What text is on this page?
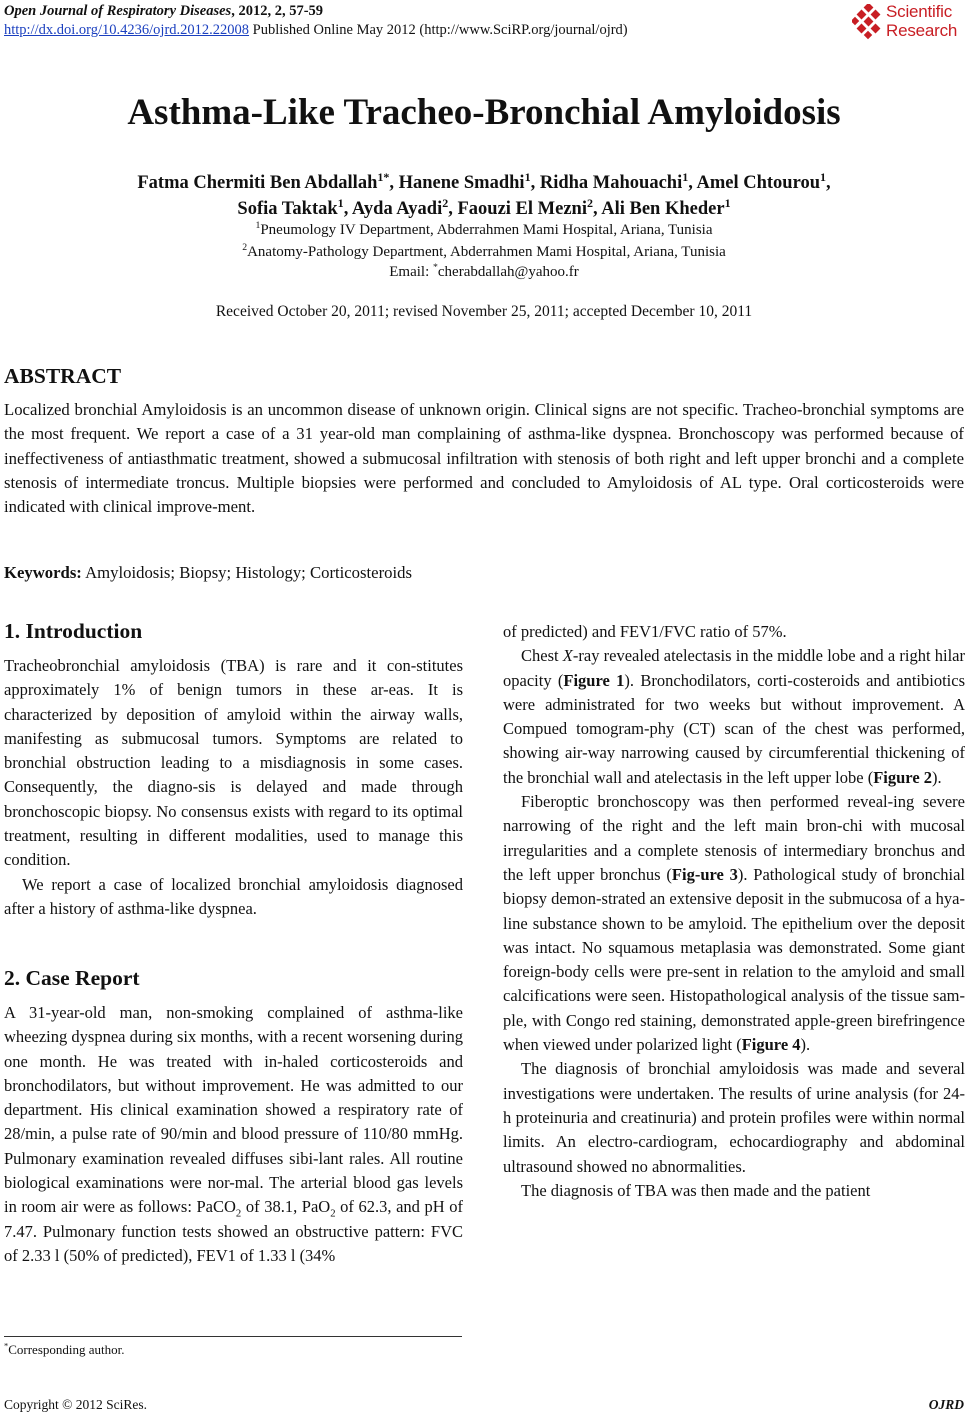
Open Journal of Respiratory Diseases, 2012, 2, 57-59
http://dx.doi.org/10.4236/ojrd.2012.22008 Published Online May 2012 (http://www.SciRP.org/journal/ojrd)
Scientific
Research
Asthma-Like Tracheo-Bronchial Amyloidosis
Fatma Chermiti Ben Abdallah$^{1*}$, Hanene Smadhi$^1$, Ridha Mahouachi$^1$, Amel Chtourou$^1$,
Sofia Taktak$^1$, Ayda Ayadi$^2$, Faouzi El Mezni$^2$, Ali Ben Kheder$^1$
$^1$Pneumology IV Department, Abderrahmen Mami Hospital, Ariana, Tunisia
$^2$Anatomy-Pathology Department, Abderrahmen Mami Hospital, Ariana, Tunisia
Email: *cherabdallah@yahoo.fr
Received October 20, 2011; revised November 25, 2011; accepted December 10, 2011
ABSTRACT
Localized bronchial Amyloidosis is an uncommon disease of unknown origin. Clinical signs are not specific. Tracheo-bronchial symptoms are the most frequent. We report a case of a 31 year-old man complaining of asthma-like dyspnea. Bronchoscopy was performed because of ineffectiveness of antiasthmatic treatment, showed a submucosal infiltration with stenosis of both right and left upper bronchi and a complete stenosis of intermediate troncus. Multiple biopsies were performed and concluded to Amyloidosis of AL type. Oral corticosteroids were indicated with clinical improve-ment.
Keywords: Amyloidosis; Biopsy; Histology; Corticosteroids
1. Introduction

Tracheobronchial amyloidosis (TBA) is rare and it con-stitutes approximately 1% of benign tumors in these ar-eas. It is characterized by deposition of amyloid within the airway walls, manifesting as submucosal tumors. Symptoms are related to bronchial obstruction leading to a misdiagnosis in some cases. Consequently, the diagno-sis is delayed and made through bronchoscopic biopsy. No consensus exists with regard to its optimal treatment, resulting in different modalities, used to manage this condition.

We report a case of localized bronchial amyloidosis diagnosed after a history of asthma-like dyspnea.

2. Case Report

A 31-year-old man, non-smoking complained of asthma-like wheezing dyspnea during six months, with a recent worsening during one month. He was treated with in-haled corticosteroids and bronchodilators, but without improvement. He was admitted to our department. His clinical examination showed a respiratory rate of 28/min, a pulse rate of 90/min and blood pressure of 110/80 mmHg. Pulmonary examination revealed diffuses sibi-lant rales. All routine biological examinations were nor-mal. The arterial blood gas levels in room air were as follows: PaCO$_2$ of 38.1, PaO$_2$ of 62.3, and pH of 7.47. Pulmonary function tests showed an obstructive pattern: FVC of 2.33 l (50% of predicted), FEV1 of 1.33 l (34%

of predicted) and FEV1/FVC ratio of 57%.

Chest X-ray revealed atelectasis in the middle lobe and a right hilar opacity (Figure 1). Bronchodilators, corti-costeroids and antibiotics were administrated for two weeks but without improvement. A Compued tomogram-phy (CT) scan of the chest was performed, showing air-way narrowing caused by circumferential thickening of the bronchial wall and atelectasis in the left upper lobe (Figure 2).

Fiberoptic bronchoscopy was then performed reveal-ing severe narrowing of the right and the left main bron-chi with mucosal irregularities and a complete stenosis of intermediary bronchus and the left upper bronchus (Fig-ure 3). Pathological study of bronchial biopsy demon-strated an extensive deposit in the submucosa of a hya-line substance shown to be amyloid. The epithelium over the deposit was intact. No squamous metaplasia was demonstrated. Some giant foreign-body cells were pre-sent in relation to the amyloid and small calcifications were seen. Histopathological analysis of the tissue sam-ple, with Congo red staining, demonstrated apple-green birefringence when viewed under polarized light (Figure 4).

The diagnosis of bronchial amyloidosis was made and several investigations were undertaken. The results of urine analysis (for 24-h proteinuria and creatinuria) and protein profiles were within normal limits. An electro-cardiogram, echocardiography and abdominal ultrasound showed no abnormalities.

The diagnosis of TBA was then made and the patient

*Corresponding author.
Copyright © 2012 SciRes.	OJRD
